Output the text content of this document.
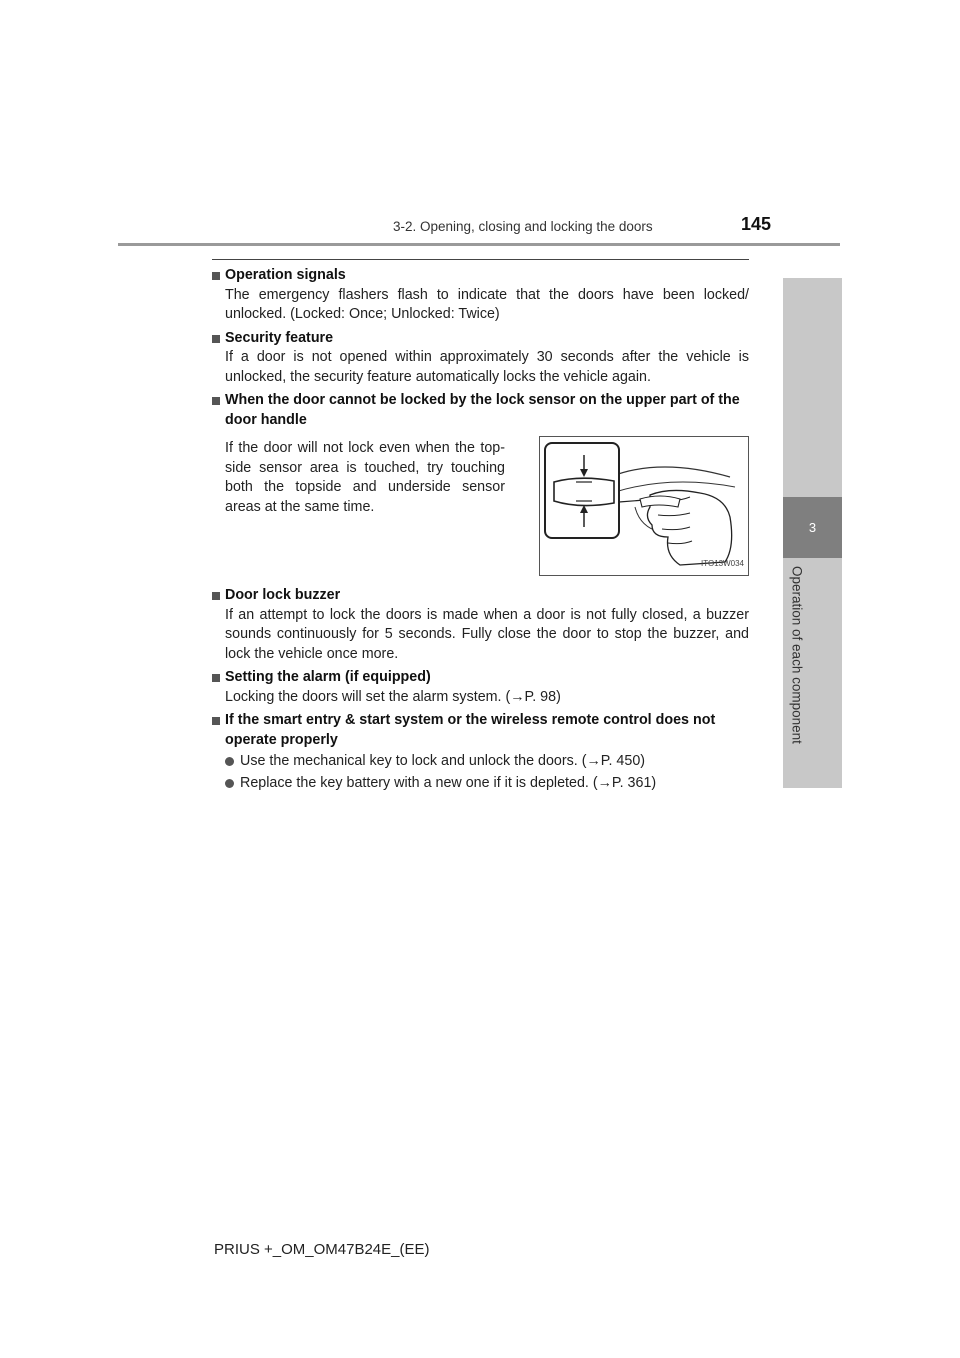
3-2. Opening, closing and locking the doors	145
3
Operation of each component
Operation signals
The emergency flashers flash to indicate that the doors have been locked/ unlocked. (Locked: Once; Unlocked: Twice)
Security feature
If a door is not opened within approximately 30 seconds after the vehicle is unlocked, the security feature automatically locks the vehicle again.
When the door cannot be locked by the lock sensor on the upper part of the door handle
If the door will not lock even when the top-side sensor area is touched, try touching both the topside and underside sensor areas at the same time.
ITO13W034
Door lock buzzer
If an attempt to lock the doors is made when a door is not fully closed, a buzzer sounds continuously for 5 seconds. Fully close the door to stop the buzzer, and lock the vehicle once more.
Setting the alarm (if equipped)
Locking the doors will set the alarm system. (→P. 98)
If the smart entry & start system or the wireless remote control does not operate properly
Use the mechanical key to lock and unlock the doors. (→P. 450)
Replace the key battery with a new one if it is depleted. (→P. 361)
PRIUS +_OM_OM47B24E_(EE)
